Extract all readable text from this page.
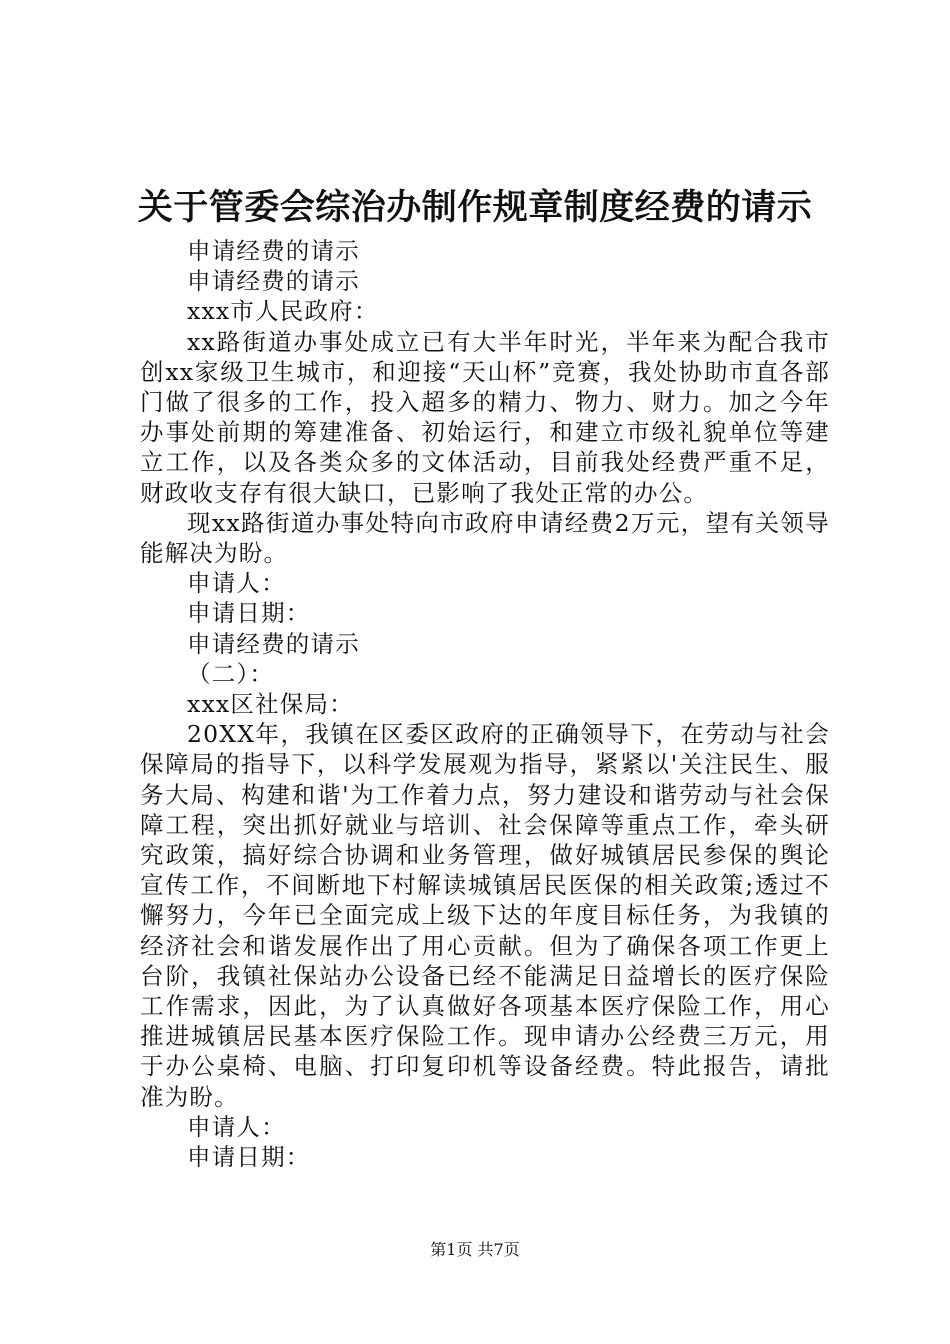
关于管委会综治办制作规章制度经费的请示

申请经费的请示

申请经费的请示

xxx市人民政府：

xx路街道办事处成立已有大半年时光，半年来为配合我市创xx家级卫生城市，和迎接“天山杯”竞赛，我处协助市直各部门做了很多的工作，投入超多的精力、物力、财力。加之今年办事处前期的筹建准备、初始运行，和建立市级礼貌单位等建立工作，以及各类众多的文体活动，目前我处经费严重不足，财政收支存有很大缺口，已影响了我处正常的办公。

现xx路街道办事处特向市政府申请经费2万元，望有关领导能解决为盼。

申请人：

申请日期：

申请经费的请示

（二）：

xxx区社保局：

20XX年，我镇在区委区政府的正确领导下，在劳动与社会保障局的指导下，以科学发展观为指导，紧紧以'关注民生、服务大局、构建和谐'为工作着力点，努力建设和谐劳动与社会保障工程，突出抓好就业与培训、社会保障等重点工作，牵头研究政策，搞好综合协调和业务管理，做好城镇居民参保的舆论宣传工作，不间断地下村解读城镇居民医保的相关政策;透过不懈努力，今年已全面完成上级下达的年度目标任务，为我镇的经济社会和谐发展作出了用心贡献。但为了确保各项工作更上台阶，我镇社保站办公设备已经不能满足日益增长的医疗保险工作需求，因此，为了认真做好各项基本医疗保险工作，用心推进城镇居民基本医疗保险工作。现申请办公经费三万元，用于办公桌椅、电脑、打印复印机等设备经费。特此报告，请批准为盼。

申请人：

申请日期：

第1页 共7页
